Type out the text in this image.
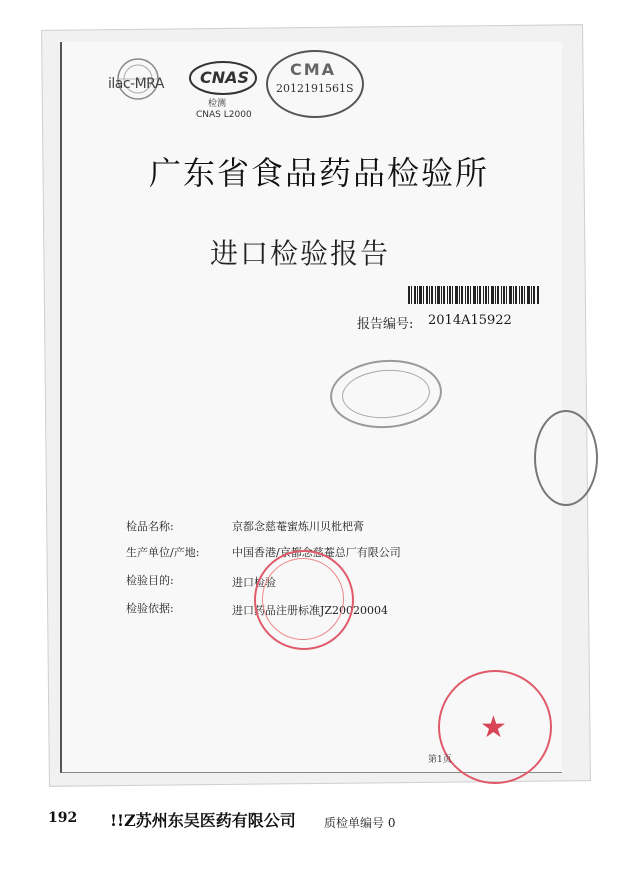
ilac-MRA CNAS
检测
CNAS L2000
CMA
2012191561S
广东省食品药品检验所
进口检验报告
报告编号: 2014A15922
检品名称:	京都念慈菴蜜炼川贝枇杷膏
生产单位/产地:	中国香港/京都念慈菴总厂有限公司
检验目的:	进口检验
检验依据:	进口药品注册标准JZ20020004
★
第1页
192 !!Z苏州东吴医药有限公司 质检单编号 0
